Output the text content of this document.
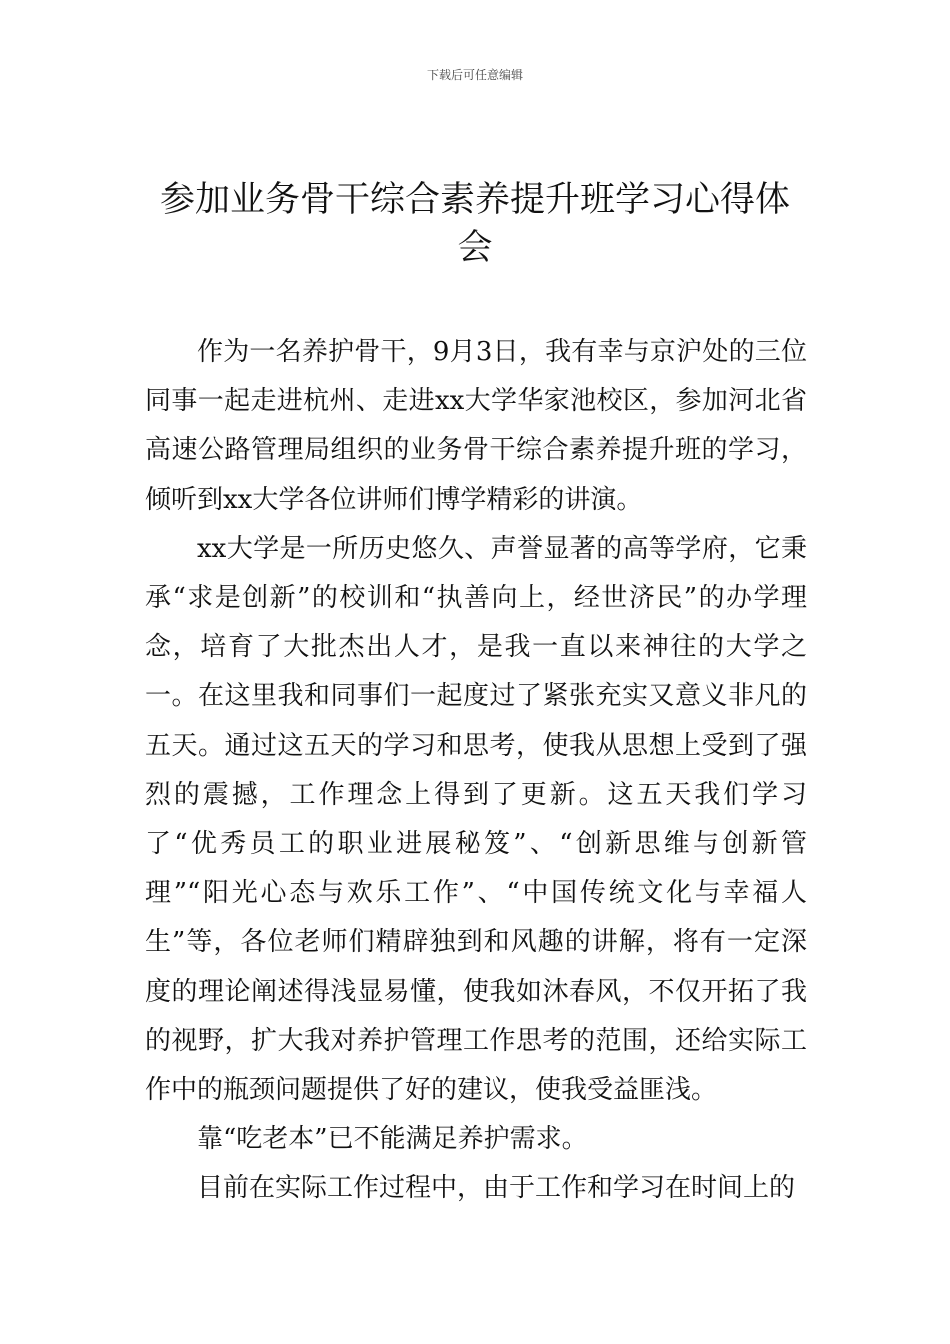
下载后可任意编辑
参加业务骨干综合素养提升班学习心得体会

作为一名养护骨干，9月3日，我有幸与京沪处的三位同事一起走进杭州、走进xx大学华家池校区，参加河北省高速公路管理局组织的业务骨干综合素养提升班的学习，倾听到xx大学各位讲师们博学精彩的讲演。

xx大学是一所历史悠久、声誉显著的高等学府，它秉承“求是创新”的校训和“执善向上，经世济民”的办学理念，培育了大批杰出人才，是我一直以来神往的大学之一。在这里我和同事们一起度过了紧张充实又意义非凡的五天。通过这五天的学习和思考，使我从思想上受到了强烈的震撼，工作理念上得到了更新。这五天我们学习了“优秀员工的职业进展秘笈”、“创新思维与创新管理”“阳光心态与欢乐工作”、“中国传统文化与幸福人生”等，各位老师们精辟独到和风趣的讲解，将有一定深度的理论阐述得浅显易懂，使我如沐春风，不仅开拓了我的视野，扩大我对养护管理工作思考的范围，还给实际工作中的瓶颈问题提供了好的建议，使我受益匪浅。

靠“吃老本”已不能满足养护需求。

目前在实际工作过程中，由于工作和学习在时间上的
